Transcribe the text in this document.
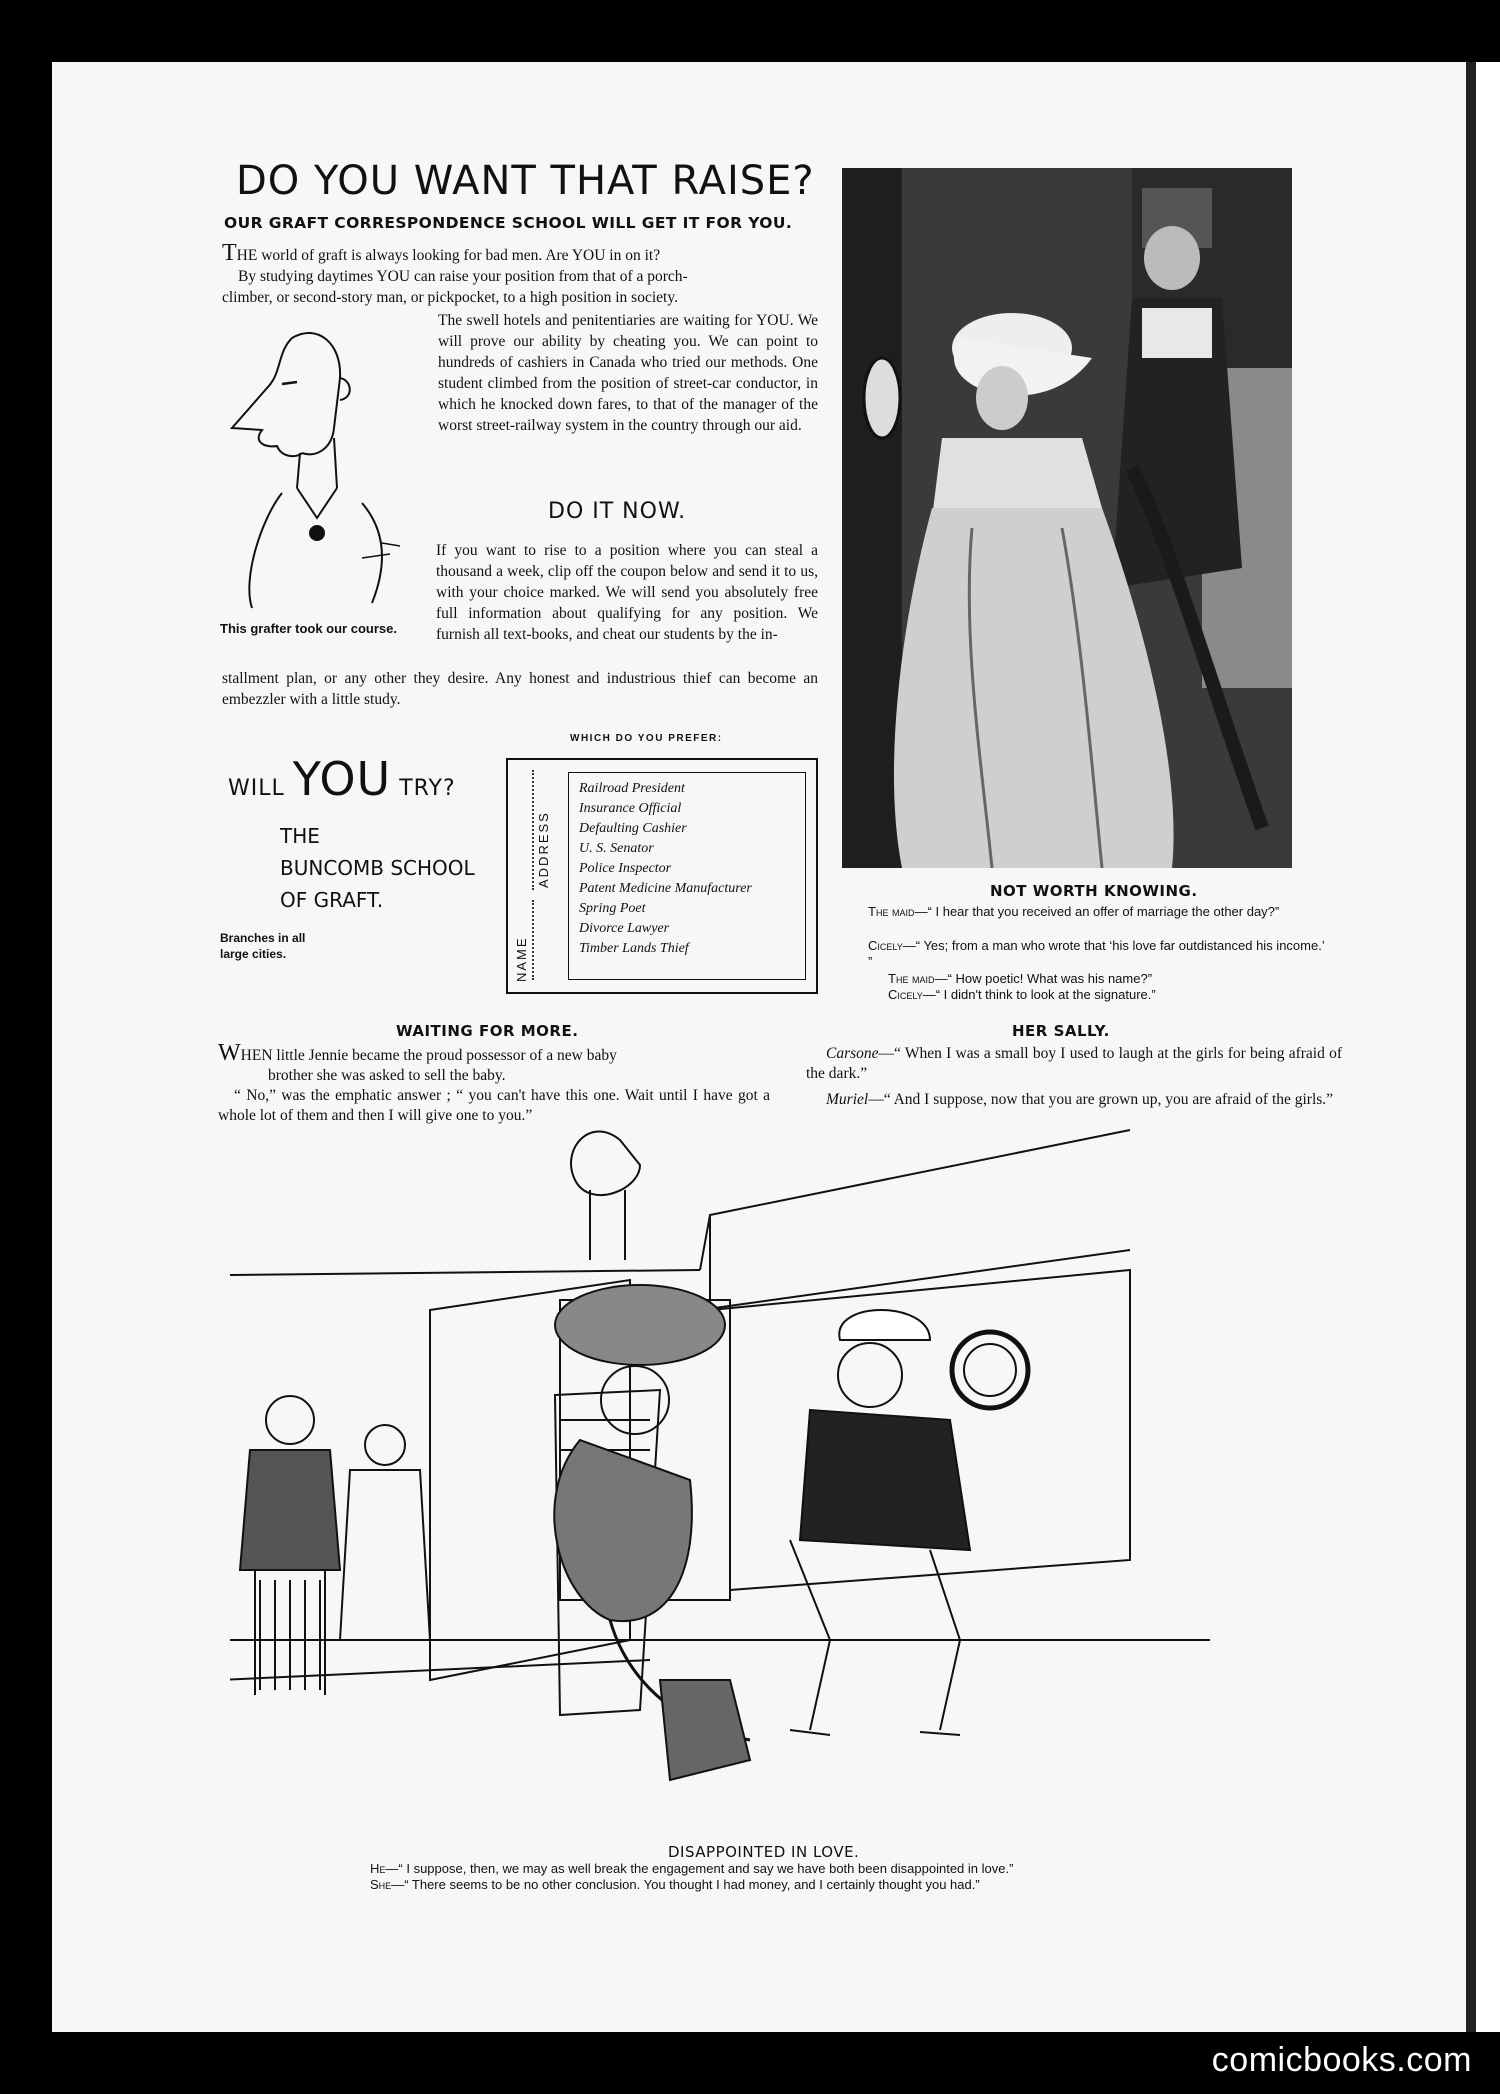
DO YOU WANT THAT RAISE?
OUR GRAFT CORRESPONDENCE SCHOOL WILL GET IT FOR YOU.
THE world of graft is always looking for bad men. Are YOU in on it?
By studying daytimes YOU can raise your position from that of a porch-
climber, or second-story man, or pickpocket, to a high position in society.
The swell hotels and penitentiaries are waiting for YOU. We will prove our ability by cheating you. We can point to hundreds of cashiers in Canada who tried our methods. One student climbed from the position of street-car conductor, in which he knocked down fares, to that of the manager of the worst street-railway system in the country through our aid.
DO IT NOW.
If you want to rise to a position where you can steal a thousand a week, clip off the coupon below and send it to us, with your choice marked. We will send you absolutely free full information about qualifying for any position. We furnish all text-books, and cheat our students by the in-
stallment plan, or any other they desire. Any honest and industrious thief can become an embezzler with a little study.
This grafter took our course.
WILL YOU TRY?
THE
BUNCOMB SCHOOL
OF GRAFT.
Branches in all large cities.
WHICH DO YOU PREFER:
ADDRESS
NAME
Railroad President
Insurance Official
Defaulting Cashier
U. S. Senator
Police Inspector
Patent Medicine Manufacturer
Spring Poet
Divorce Lawyer
Timber Lands Thief
NOT WORTH KNOWING.
The maid—“ I hear that you received an offer of marriage the other day?”
Cicely—“ Yes; from a man who wrote that ‘his love far outdistanced his income.’ ”
The maid—“ How poetic! What was his name?”
Cicely—“ I didn't think to look at the signature.”
WAITING FOR MORE.
WHEN little Jennie became the proud possessor of a new baby
brother she was asked to sell the baby.
“ No,” was the emphatic answer ; “ you can't have this one. Wait until I have got a whole lot of them and then I will give one to you.”
HER SALLY.
Carsone—“ When I was a small boy I used to laugh at the girls for being afraid of the dark.”
Muriel—“ And I suppose, now that you are grown up, you are afraid of the girls.”
DISAPPOINTED IN LOVE.
He—“ I suppose, then, we may as well break the engagement and say we have both been disappointed in love.”
She—“ There seems to be no other conclusion. You thought I had money, and I certainly thought you had.”
comicbooks.com
